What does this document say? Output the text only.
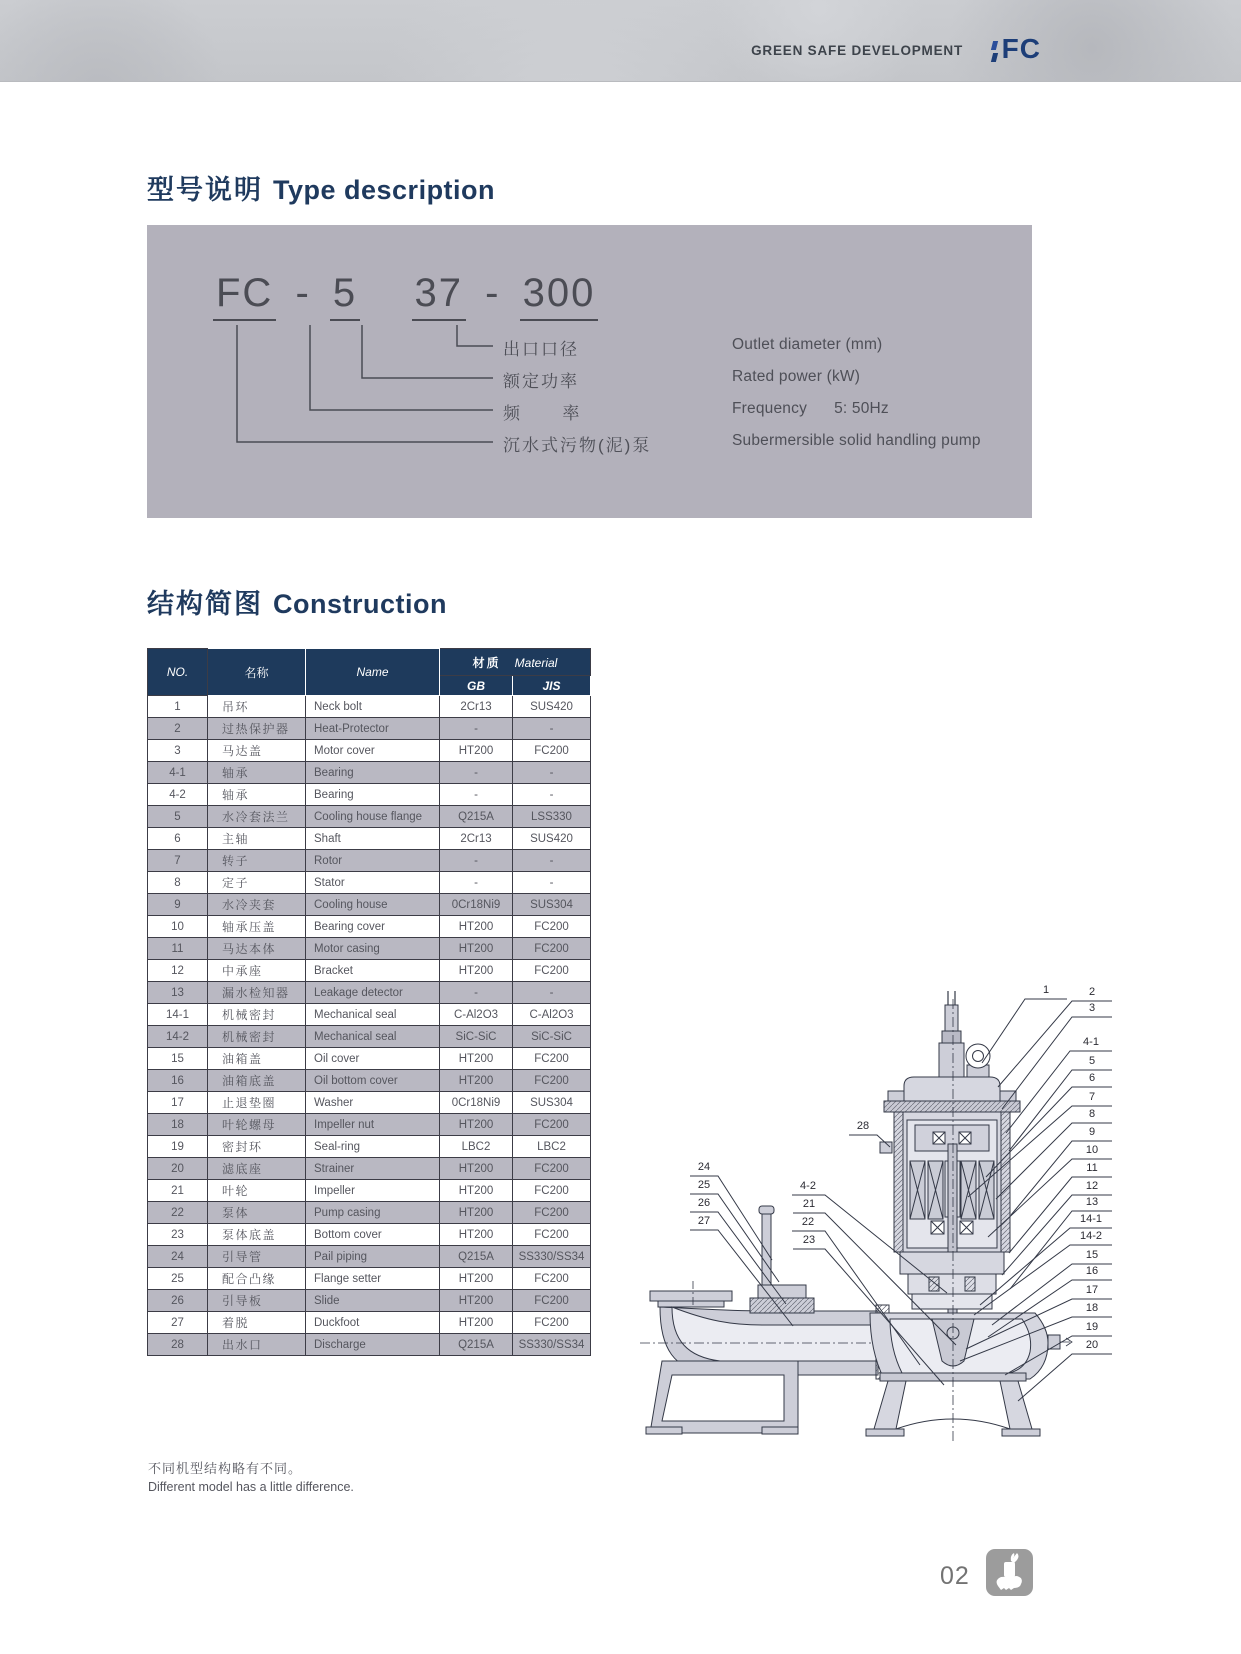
GREEN SAFE DEVELOPMENT FC
型号说明 Type description
FC - 5 37 - 300
出口口径
额定功率
频      率
沉水式污物(泥)泵
Outlet diameter (mm)
Rated power (kW)
Frequency      5: 50Hz
Subermersible solid handling pump
结构简图 Construction
NO.	名称	Name	材质 Material	
			GB	JIS
1	吊环	Neck bolt	2Cr13	SUS420
2	过热保护器	Heat-Protector	-	-
3	马达盖	Motor cover	HT200	FC200
4-1	轴承	Bearing	-	-
4-2	轴承	Bearing	-	-
5	水冷套法兰	Cooling house flange	Q215A	LSS330
6	主轴	Shaft	2Cr13	SUS420
7	转子	Rotor	-	-
8	定子	Stator	-	-
9	水冷夹套	Cooling house	0Cr18Ni9	SUS304
10	轴承压盖	Bearing cover	HT200	FC200
11	马达本体	Motor casing	HT200	FC200
12	中承座	Bracket	HT200	FC200
13	漏水检知器	Leakage detector	-	-
14-1	机械密封	Mechanical seal	C-Al2O3	C-Al2O3
14-2	机械密封	Mechanical seal	SiC-SiC	SiC-SiC
15	油箱盖	Oil cover	HT200	FC200
16	油箱底盖	Oil bottom cover	HT200	FC200
17	止退垫圈	Washer	0Cr18Ni9	SUS304
18	叶轮螺母	Impeller nut	HT200	FC200
19	密封环	Seal-ring	LBC2	LBC2
20	滤底座	Strainer	HT200	FC200
21	叶轮	Impeller	HT200	FC200
22	泵体	Pump casing	HT200	FC200
23	泵体底盖	Bottom cover	HT200	FC200
24	引导管	Pail piping	Q215A	SS330/SS34
25	配合凸缘	Flange setter	HT200	FC200
26	引导板	Slide	HT200	FC200
27	着脱	Duckfoot	HT200	FC200
28	出水口	Discharge	Q215A	SS330/SS34
不同机型结构略有不同。
Different model has a little difference.
1	2
3
4-1
5
6
7
8
9
10
11
12
13
14-1
14-2
15
16
17
18
19
20
28
24
25
26
27
4-2
21
22
23
02
